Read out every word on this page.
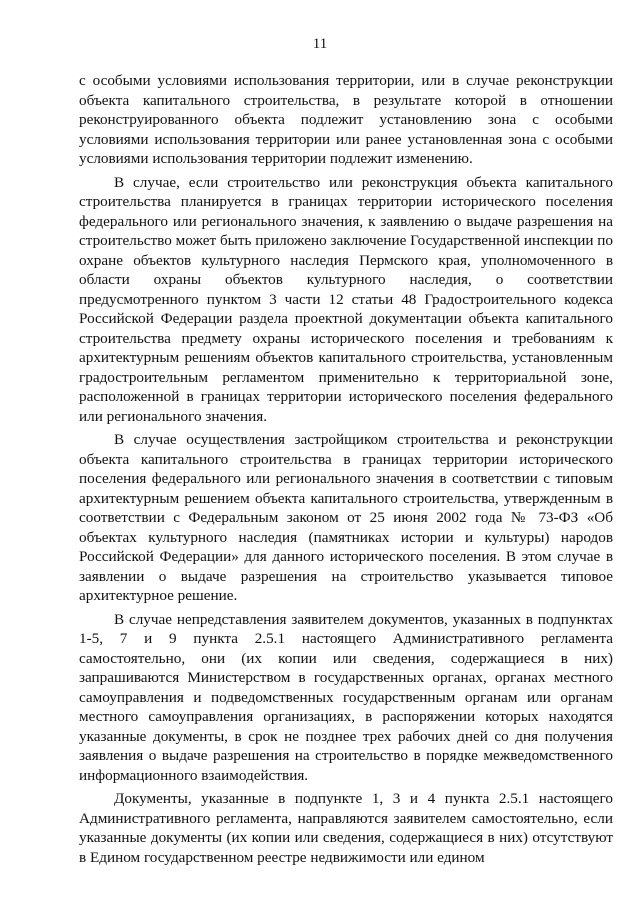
11

с особыми условиями использования территории, или в случае реконструкции объекта капитального строительства, в результате которой в отношении реконструированного объекта подлежит установлению зона с особыми условиями использования территории или ранее установленная зона с особыми условиями использования территории подлежит изменению.

В случае, если строительство или реконструкция объекта капитального строительства планируется в границах территории исторического поселения федерального или регионального значения, к заявлению о выдаче разрешения на строительство может быть приложено заключение Государственной инспекции по охране объектов культурного наследия Пермского края, уполномоченного в области охраны объектов культурного наследия, о соответствии предусмотренного пунктом 3 части 12 статьи 48 Градостроительного кодекса Российской Федерации раздела проектной документации объекта капитального строительства предмету охраны исторического поселения и требованиям к архитектурным решениям объектов капитального строительства, установленным градостроительным регламентом применительно к территориальной зоне, расположенной в границах территории исторического поселения федерального или регионального значения.

В случае осуществления застройщиком строительства и реконструкции объекта капитального строительства в границах территории исторического поселения федерального или регионального значения в соответствии с типовым архитектурным решением объекта капитального строительства, утвержденным в соответствии с Федеральным законом от 25 июня 2002 года № 73-ФЗ «Об объектах культурного наследия (памятниках истории и культуры) народов Российской Федерации» для данного исторического поселения. В этом случае в заявлении о выдаче разрешения на строительство указывается типовое архитектурное решение.

В случае непредставления заявителем документов, указанных в подпунктах 1-5, 7 и 9 пункта 2.5.1 настоящего Административного регламента самостоятельно, они (их копии или сведения, содержащиеся в них) запрашиваются Министерством в государственных органах, органах местного самоуправления и подведомственных государственным органам или органам местного самоуправления организациях, в распоряжении которых находятся указанные документы, в срок не позднее трех рабочих дней со дня получения заявления о выдаче разрешения на строительство в порядке межведомственного информационного взаимодействия.

Документы, указанные в подпункте 1, 3 и 4 пункта 2.5.1 настоящего Административного регламента, направляются заявителем самостоятельно, если указанные документы (их копии или сведения, содержащиеся в них) отсутствуют в Едином государственном реестре недвижимости или едином
